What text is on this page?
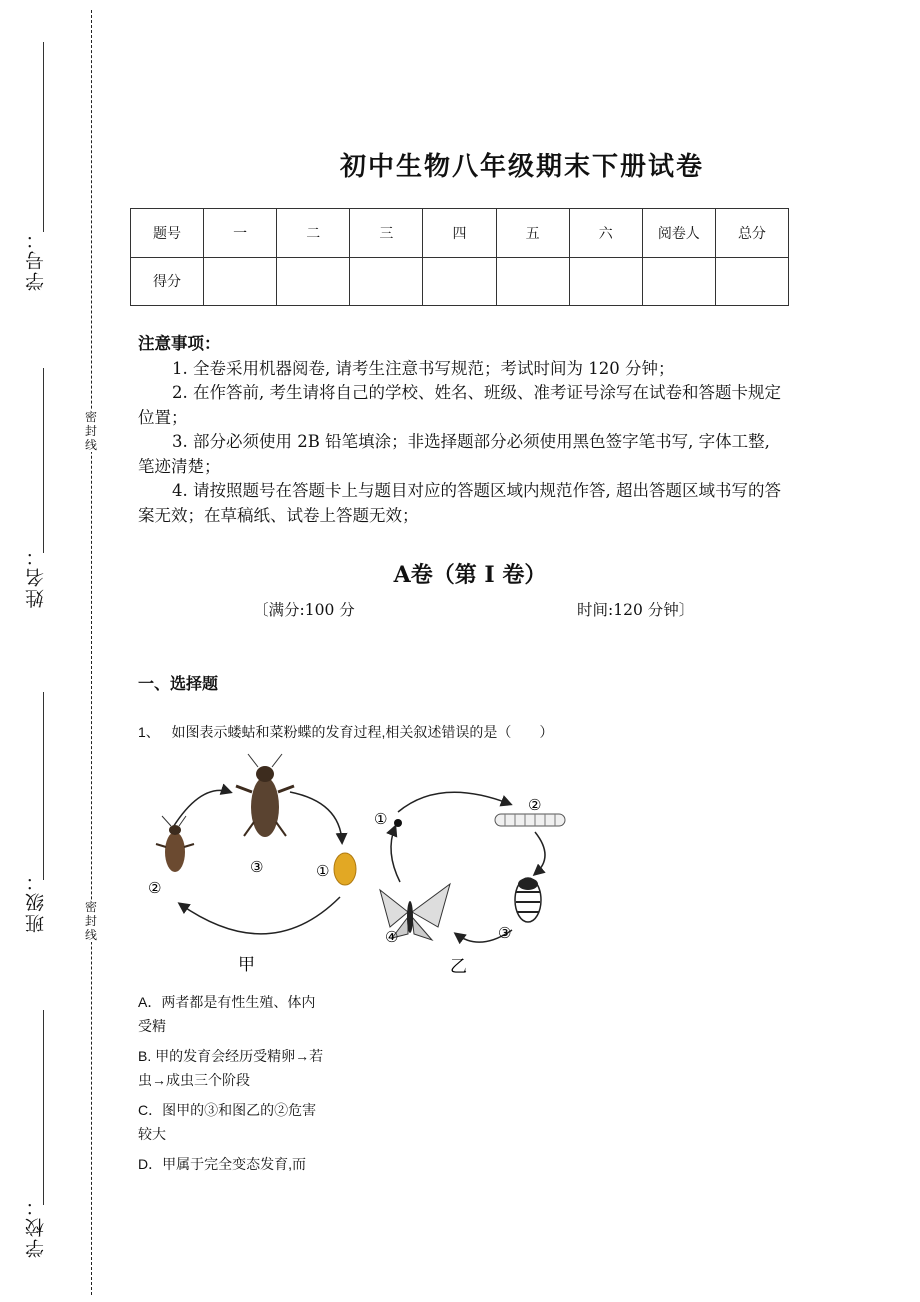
学号：
姓名：
班级：
学校：
密封线
密封线
初中生物八年级期末下册试卷
题号	一	二	三	四	五	六	阅卷人	总分
得分								
注意事项：

1. 全卷采用机器阅卷, 请考生注意书写规范；考试时间为 120 分钟；

2. 在作答前, 考生请将自己的学校、姓名、班级、准考证号涂写在试卷和答题卡规定位置；

3. 部分必须使用 2B 铅笔填涂；非选择题部分必须使用黑色签字笔书写, 字体工整, 笔迹清楚；

4. 请按照题号在答题卡上与题目对应的答题区域内规范作答, 超出答题区域书写的答案无效；在草稿纸、试卷上答题无效；

A卷（第 I 卷）
〔满分:100 分	时间:120 分钟〕
一、选择题
1、 如图表示蝼蛄和菜粉蝶的发育过程,相关叙述错误的是（　　）
①
②
③
甲
①
②
③
④
乙

A．两者都是有性生殖、体内受精

B. 甲的发育会经历受精卵→若虫→成虫三个阶段

C．图甲的③和图乙的②危害较大

D．甲属于完全变态发育,而
